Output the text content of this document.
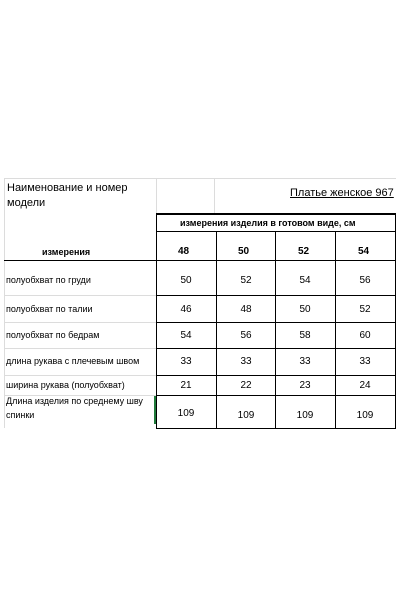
Наименование и номер
модели
Платье женское 967
измерения изделия в готовом виде, см
измерения	48	50	52	54
полуобхват по груди	50	52	54	56
полуобхват по талии	46	48	50	52
полуобхват по бедрам	54	56	58	60
длина рукава с плечевым швом	33	33	33	33
ширина рукава (полуобхват)	21	22	23	24
Длина изделия по среднему шву
спинки	109	109	109	109
